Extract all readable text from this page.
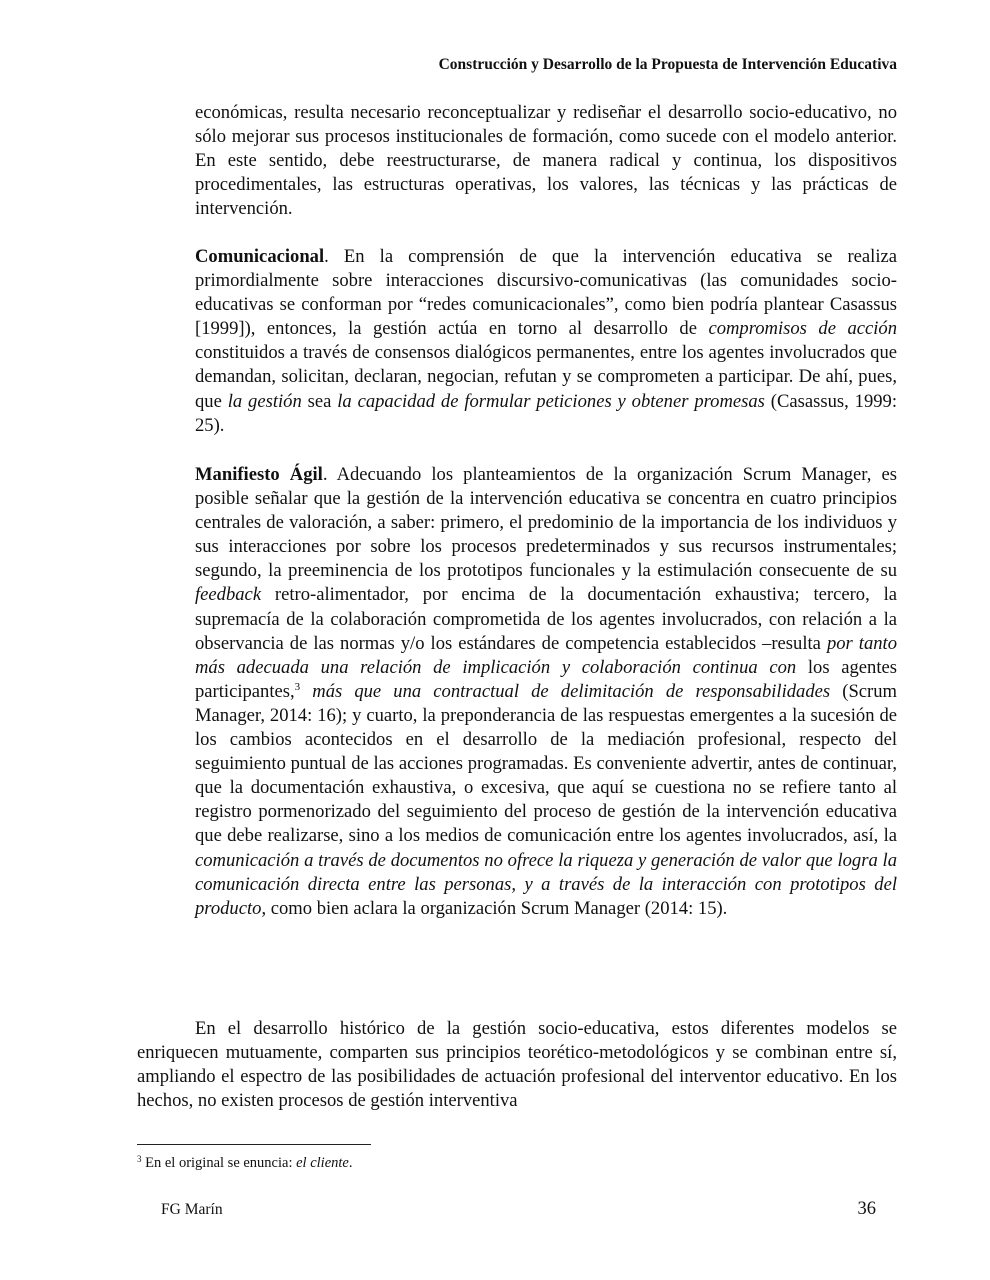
Construcción y Desarrollo de la Propuesta de Intervención Educativa

económicas, resulta necesario reconceptualizar y rediseñar el desarrollo socio-educativo, no sólo mejorar sus procesos institucionales de formación, como sucede con el modelo anterior. En este sentido, debe reestructurarse, de manera radical y continua, los dispositivos procedimentales, las estructuras operativas, los valores, las técnicas y las prácticas de intervención.

Comunicacional. En la comprensión de que la intervención educativa se realiza primordialmente sobre interacciones discursivo-comunicativas (las comunidades socio-educativas se conforman por “redes comunicacionales”, como bien podría plantear Casassus [1999]), entonces, la gestión actúa en torno al desarrollo de compromisos de acción constituidos a través de consensos dialógicos permanentes, entre los agentes involucrados que demandan, solicitan, declaran, negocian, refutan y se comprometen a participar. De ahí, pues, que la gestión sea la capacidad de formular peticiones y obtener promesas (Casassus, 1999: 25).

Manifiesto Ágil. Adecuando los planteamientos de la organización Scrum Manager, es posible señalar que la gestión de la intervención educativa se concentra en cuatro principios centrales de valoración, a saber: primero, el predominio de la importancia de los individuos y sus interacciones por sobre los procesos predeterminados y sus recursos instrumentales; segundo, la preeminencia de los prototipos funcionales y la estimulación consecuente de su feedback retro-alimentador, por encima de la documentación exhaustiva; tercero, la supremacía de la colaboración comprometida de los agentes involucrados, con relación a la observancia de las normas y/o los estándares de competencia establecidos –resulta por tanto más adecuada una relación de implicación y colaboración continua con los agentes participantes,$^3$ más que una contractual de delimitación de responsabilidades (Scrum Manager, 2014: 16); y cuarto, la preponderancia de las respuestas emergentes a la sucesión de los cambios acontecidos en el desarrollo de la mediación profesional, respecto del seguimiento puntual de las acciones programadas. Es conveniente advertir, antes de continuar, que la documentación exhaustiva, o excesiva, que aquí se cuestiona no se refiere tanto al registro pormenorizado del seguimiento del proceso de gestión de la intervención educativa que debe realizarse, sino a los medios de comunicación entre los agentes involucrados, así, la comunicación a través de documentos no ofrece la riqueza y generación de valor que logra la comunicación directa entre las personas, y a través de la interacción con prototipos del producto, como bien aclara la organización Scrum Manager (2014: 15).

En el desarrollo histórico de la gestión socio-educativa, estos diferentes modelos se enriquecen mutuamente, comparten sus principios teorético-metodológicos y se combinan entre sí, ampliando el espectro de las posibilidades de actuación profesional del interventor educativo. En los hechos, no existen procesos de gestión interventiva

$^3$ En el original se enuncia: el cliente.
FG Marín	36
